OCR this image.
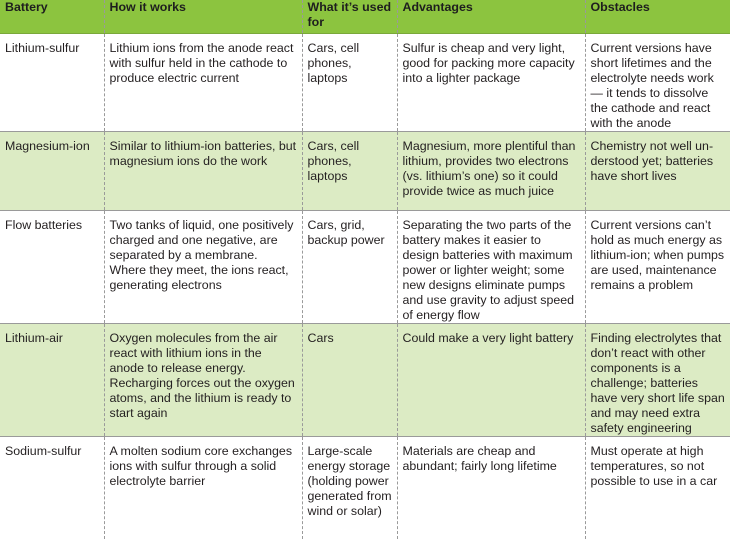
Battery	How it works	What it’s used for	Advantages	Obstacles
Lithium-sulfur	Lithium ions from the anode react with sulfur held in the cathode to produce electric current	Cars, cell phones, laptops	Sulfur is cheap and very light, good for packing more capacity into a lighter package	Current versions have short lifetimes and the electrolyte needs work — it tends to dissolve the cathode and react with the anode
Magnesium-ion	Similar to lithium-ion batteries, but magnesium ions do the work	Cars, cell phones, laptops	Magnesium, more plentiful than lithium, provides two electrons (vs. lithium’s one) so it could provide twice as much juice	Chemistry not well understood yet; batteries have short lives
Flow batteries	Two tanks of liquid, one positively charged and one negative, are separated by a membrane. Where they meet, the ions react, generating electrons	Cars, grid, backup power	Separating the two parts of the battery makes it easier to design batteries with maximum power or lighter weight; some new designs eliminate pumps and use gravity to adjust speed of energy flow	Current versions can’t hold as much energy as lithium-ion; when pumps are used, maintenance remains a problem
Lithium-air	Oxygen molecules from the air react with lithium ions in the anode to release energy. Recharging forces out the oxygen atoms, and the lithium is ready to start again	Cars	Could make a very light battery	Finding electrolytes that don’t react with other components is a challenge; batteries have very short life span and may need extra safety engineering
Sodium-sulfur	A molten sodium core exchanges ions with sulfur through a solid electrolyte barrier	Large-scale energy storage (holding power generated from wind or solar)	Materials are cheap and abundant; fairly long lifetime	Must operate at high temperatures, so not possible to use in a car
